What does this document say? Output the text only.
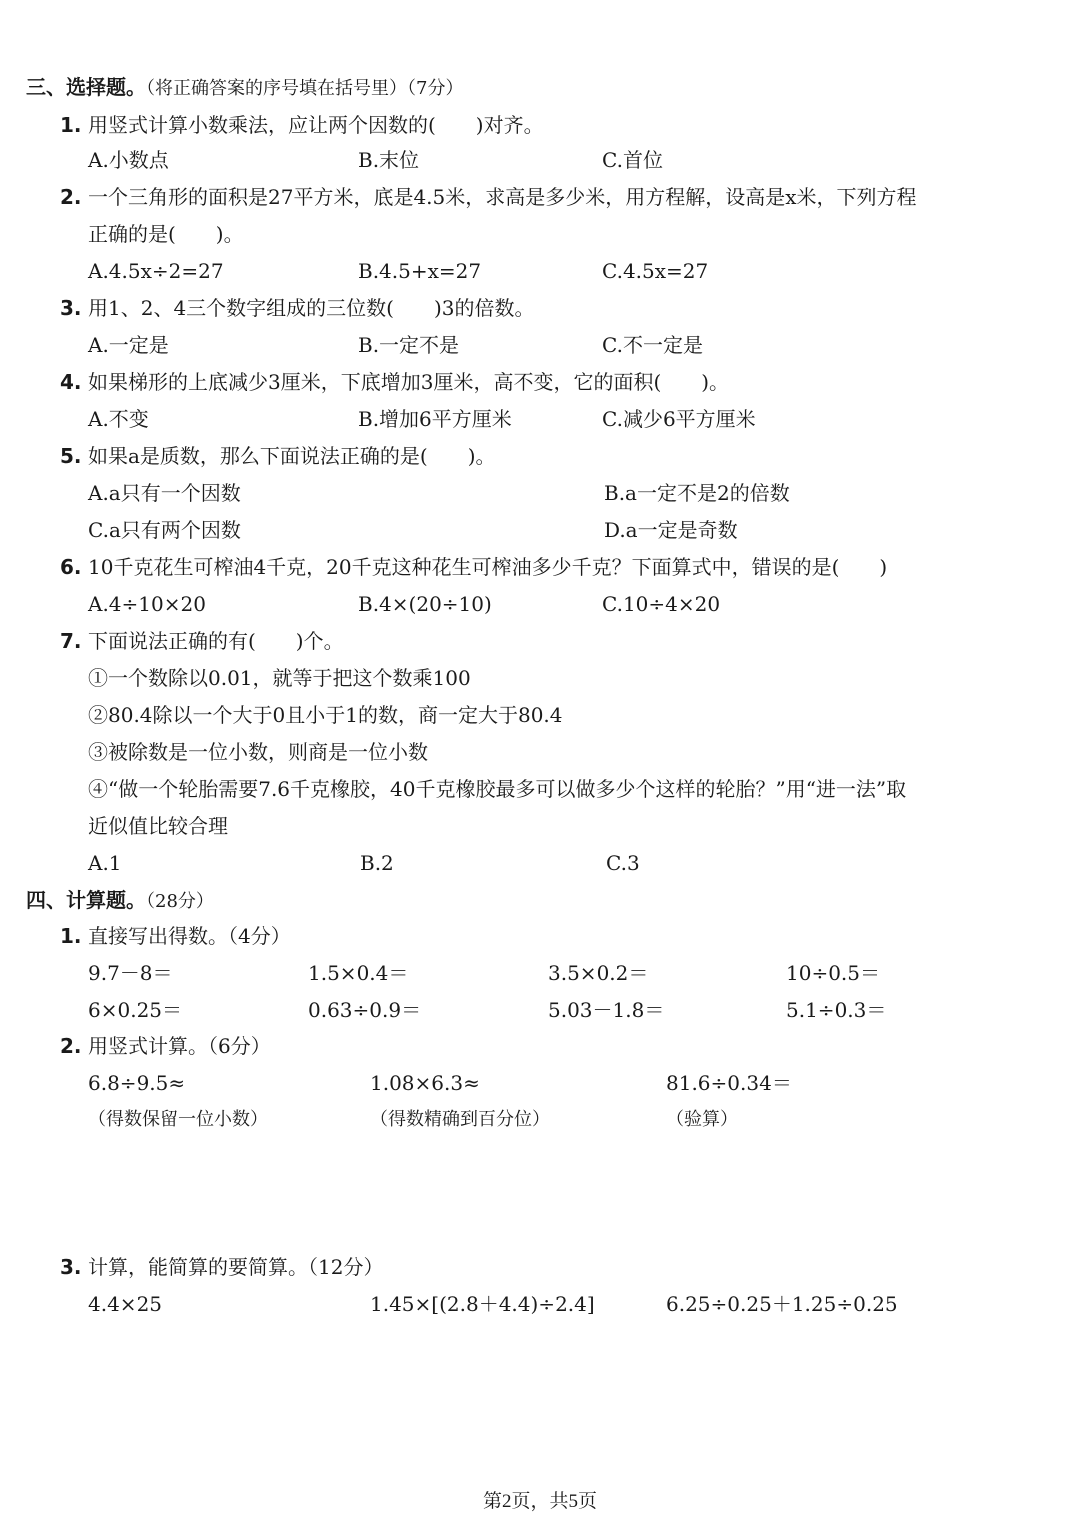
三、选择题。（将正确答案的序号填在括号里）（7分）
1. 用竖式计算小数乘法，应让两个因数的(　　)对齐。
A.小数点	B.末位	C.首位
2. 一个三角形的面积是27平方米，底是4.5米，求高是多少米，用方程解，设高是x米，下列方程
正确的是(　　)。
A.4.5x÷2=27	B.4.5+x=27	C.4.5x=27
3. 用1、2、4三个数字组成的三位数(　　)3的倍数。
A.一定是	B.一定不是	C.不一定是
4. 如果梯形的上底减少3厘米，下底增加3厘米，高不变，它的面积(　　)。
A.不变	B.增加6平方厘米	C.减少6平方厘米
5. 如果a是质数，那么下面说法正确的是(　　)。
A.a只有一个因数	B.a一定不是2的倍数
C.a只有两个因数	D.a一定是奇数
6. 10千克花生可榨油4千克，20千克这种花生可榨油多少千克？下面算式中，错误的是(　　)
A.4÷10×20	B.4×(20÷10)	C.10÷4×20
7. 下面说法正确的有(　　)个。
①一个数除以0.01，就等于把这个数乘100
②80.4除以一个大于0且小于1的数，商一定大于80.4
③被除数是一位小数，则商是一位小数
④“做一个轮胎需要7.6千克橡胶，40千克橡胶最多可以做多少个这样的轮胎？”用“进一法”取
近似值比较合理
A.1	B.2	C.3
四、计算题。（28分）
1. 直接写出得数。（4分）
9.7－8＝	1.5×0.4＝	3.5×0.2＝	10÷0.5＝
6×0.25＝	0.63÷0.9＝	5.03－1.8＝	5.1÷0.3＝
2. 用竖式计算。（6分）
6.8÷9.5≈	1.08×6.3≈	81.6÷0.34＝
（得数保留一位小数）	（得数精确到百分位）	（验算）
3. 计算，能简算的要简算。（12分）
4.4×25	1.45×[(2.8＋4.4)÷2.4]	6.25÷0.25＋1.25÷0.25
第2页，共5页
